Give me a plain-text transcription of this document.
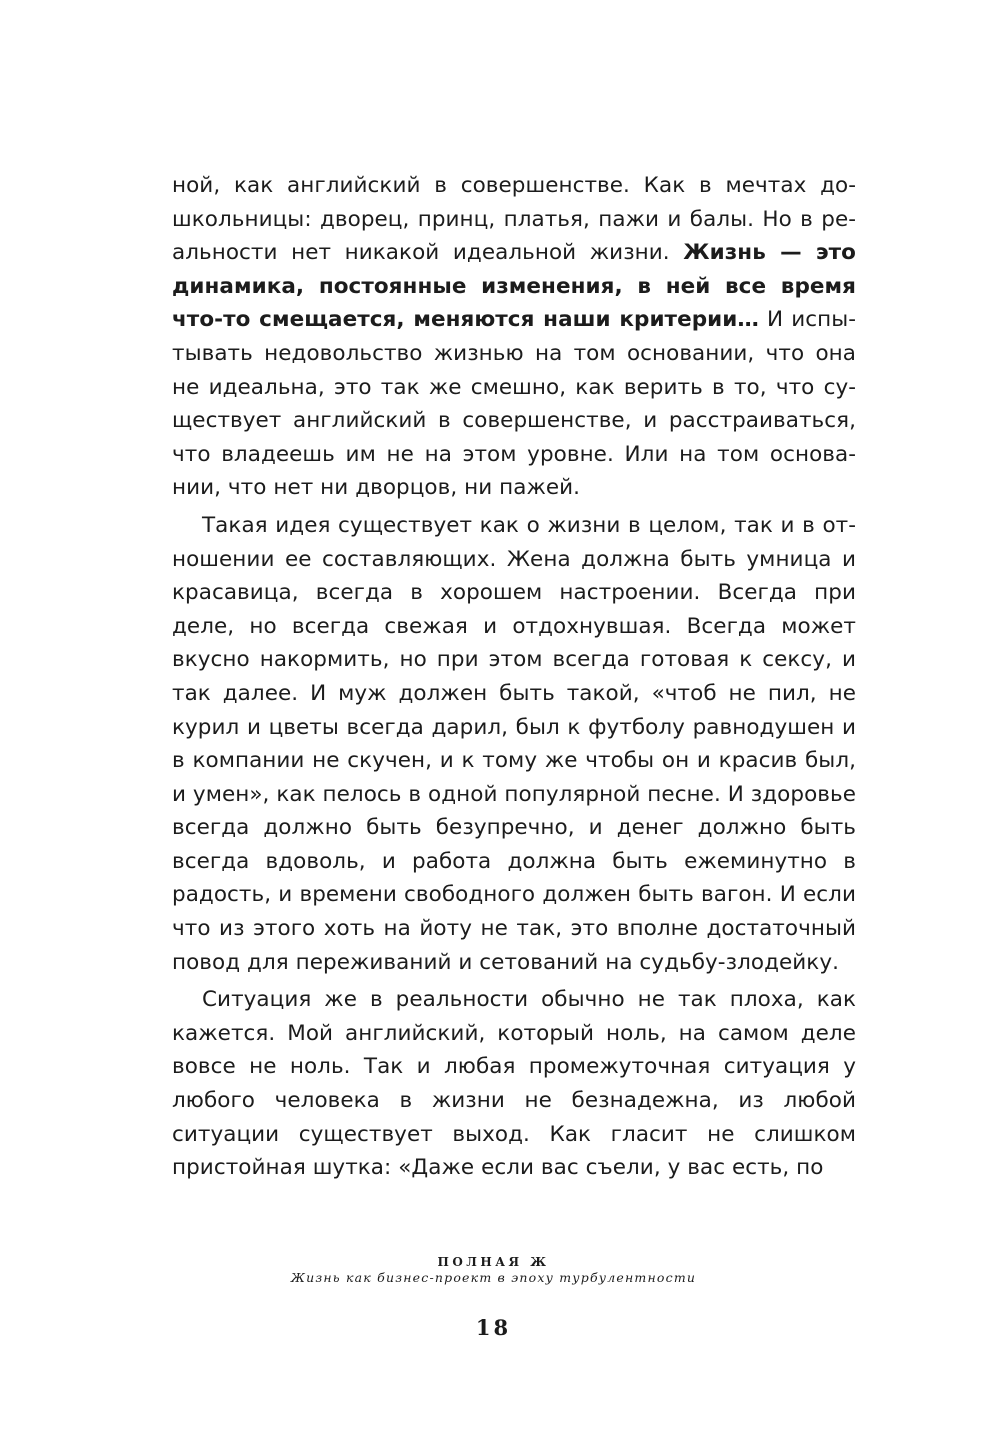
ной, как английский в совершенстве. Как в мечтах дошкольницы: дворец, принц, платья, пажи и балы. Но в реальности нет никакой идеальной жизни. Жизнь — это динамика, постоянные изменения, в ней все время что-то смещается, меняются наши критерии… И испытывать недовольство жизнью на том основании, что она не идеальна, это так же смешно, как верить в то, что существует английский в совершенстве, и расстраиваться, что владеешь им не на этом уровне. Или на том основании, что нет ни дворцов, ни пажей.

Такая идея существует как о жизни в целом, так и в отношении ее составляющих. Жена должна быть умница и красавица, всегда в хорошем настроении. Всегда при деле, но всегда свежая и отдохнувшая. Всегда может вкусно накормить, но при этом всегда готовая к сексу, и так далее. И муж должен быть такой, «чтоб не пил, не курил и цветы всегда дарил, был к футболу равнодушен и в компании не скучен, и к тому же чтобы он и красив был, и умен», как пелось в одной популярной песне. И здоровье всегда должно быть безупречно, и денег должно быть всегда вдоволь, и работа должна быть ежеминутно в радость, и времени свободного должен быть вагон. И если что из этого хоть на йоту не так, это вполне достаточный повод для переживаний и сетований на судьбу-злодейку.

Ситуация же в реальности обычно не так плоха, как кажется. Мой английский, который ноль, на самом деле вовсе не ноль. Так и любая промежуточная ситуация у любого человека в жизни не безнадежна, из любой ситуации существует выход. Как гласит не слишком пристойная шутка: «Даже если вас съели, у вас есть, по

ПОЛНАЯ Ж
Жизнь как бизнес-проект в эпоху турбулентности
18
